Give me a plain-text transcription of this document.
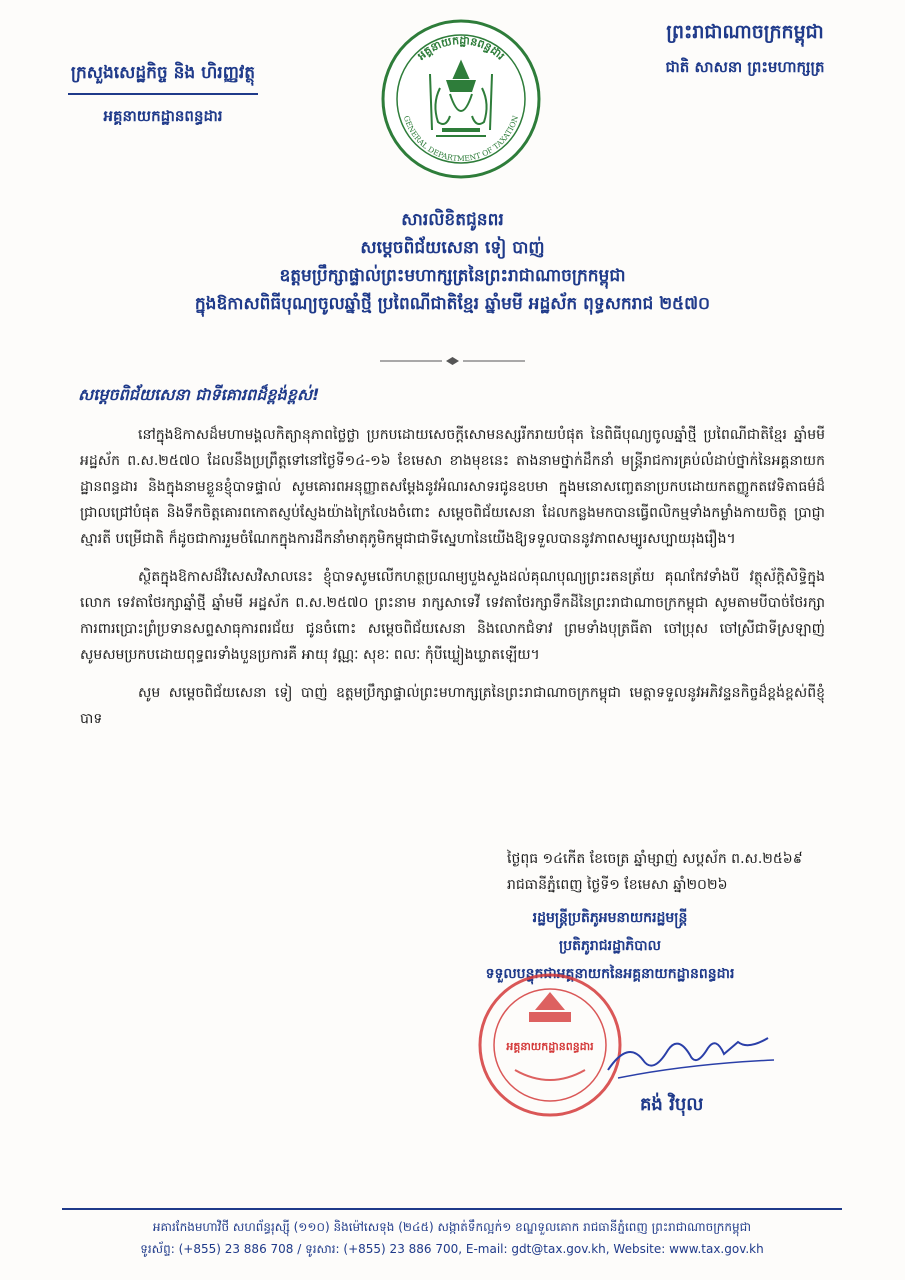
ក្រសួងសេដ្ឋកិច្ច និង ហិរញ្ញវត្ថុ
អគ្គនាយកដ្ឋានពន្ធដារ
អគ្គនាយកដ្ឋានពន្ធដារ
GENERAL DEPARTMENT OF TAXATION
ព្រះរាជាណាចក្រកម្ពុជា
ជាតិ សាសនា ព្រះមហាក្សត្រ
សារលិខិតជូនពរ
សម្តេចពិជ័យសេនា ទៀ បាញ់
ឧត្តមប្រឹក្សាផ្ទាល់ព្រះមហាក្សត្រនៃព្រះរាជាណាចក្រកម្ពុជា
ក្នុងឱកាសពិធីបុណ្យចូលឆ្នាំថ្មី ប្រពៃណីជាតិខ្មែរ ឆ្នាំមមី អដ្ឋស័ក ពុទ្ធសករាជ ២៥៧០
សម្តេចពិជ័យសេនា ជាទីគោរពដ៏ខ្ពង់ខ្ពស់!

នៅក្នុងឱកាសដ៏មហាមង្គលកិត្យានុភាពថ្លៃថ្លា ប្រកបដោយសេចក្តីសោមនស្សរីករាយបំផុត នៃពិធីបុណ្យចូលឆ្នាំថ្មី ប្រពៃណីជាតិខ្មែរ ឆ្នាំមមី អដ្ឋស័ក ព.ស.២៥៧០ ដែលនឹងប្រព្រឹត្តទៅនៅថ្ងៃទី១៤-១៦ ខែមេសា ខាងមុខនេះ តាងនាមថ្នាក់ដឹកនាំ មន្ត្រីរាជការគ្រប់លំដាប់ថ្នាក់នៃអគ្គនាយកដ្ឋានពន្ធដារ និងក្នុងនាមខ្លួនខ្ញុំបាទផ្ទាល់ សូមគោរពអនុញ្ញាតសម្តែងនូវអំណរសាទរជូនឧបមា ក្នុងមនោសញ្ចេតនាប្រកបដោយកតញ្ញូកតវេទិតាធម៌ដ៏ជ្រាលជ្រៅបំផុត និងទឹកចិត្តគោរពកោតស្ញប់ស្ញែងយ៉ាងក្រៃលែងចំពោះ សម្តេចពិជ័យសេនា ដែលកន្លងមកបានធ្វើពលិកម្មទាំងកម្លាំងកាយចិត្ត ប្រាជ្ញា ស្មារតី បម្រើជាតិ ក៏ដូចជាការរួមចំណែកក្នុងការដឹកនាំមាតុភូមិកម្ពុជាជាទីស្នេហានៃយើងឱ្យទទួលបាននូវភាពសម្បូរសប្បាយរុងរឿង។

ស្ថិតក្នុងឱកាសដ៏វិសេសវិសាលនេះ ខ្ញុំបាទសូមលើកហត្ថប្រណម្យបួងសួងដល់គុណបុណ្យព្រះរតនត្រ័យ គុណកែវទាំងបី វត្ថុស័ក្តិសិទ្ធិក្នុងលោក ទេវតាថែរក្សាឆ្នាំថ្មី ឆ្នាំមមី អដ្ឋស័ក ព.ស.២៥៧០ ព្រះនាម រាក្សសាទេវី ទេវតាថែរក្សាទឹកដីនៃព្រះរាជាណាចក្រកម្ពុជា សូមតាមបីបាច់ថែរក្សាការពារប្រោះព្រំប្រទានសព្ទសាធុការពរជ័យ ជូនចំពោះ សម្តេចពិជ័យសេនា និងលោកជំទាវ ព្រមទាំងបុត្រធីតា ចៅប្រុស ចៅស្រីជាទីស្រឡាញ់ សូមសមប្រកបដោយពុទ្ធពរទាំងបួនប្រការគឺ អាយុ វណ្ណៈ សុខៈ ពលៈ កុំបីឃ្លៀងឃ្លាតឡើយ។

សូម សម្តេចពិជ័យសេនា ទៀ បាញ់ ឧត្តមប្រឹក្សាផ្ទាល់ព្រះមហាក្សត្រនៃព្រះរាជាណាចក្រកម្ពុជា មេត្តាទទួលនូវអភិវន្ទនកិច្ចដ៏ខ្ពង់ខ្ពស់ពីខ្ញុំបាទ

ថ្ងៃពុធ ១៤កើត ខែចេត្រ ឆ្នាំម្សាញ់ សប្តស័ក ព.ស.២៥៦៩
រាជធានីភ្នំពេញ ថ្ងៃទី១ ខែមេសា ឆ្នាំ២០២៦
រដ្ឋមន្ត្រីប្រតិភូអមនាយករដ្ឋមន្ត្រី
ប្រតិភូរាជរដ្ឋាភិបាល
ទទួលបន្ទុកជាអគ្គនាយកនៃអគ្គនាយកដ្ឋានពន្ធដារ
អគ្គនាយកដ្ឋានពន្ធដារ
គង់ វិបុល
អគារកែងមហាវិថី សហព័ន្ធរុស្ស៊ី (១១០) និងម៉ៅសេទុង (២៤៥) សង្កាត់ទឹកល្អក់១ ខណ្ឌទួលគោក រាជធានីភ្នំពេញ ព្រះរាជាណាចក្រកម្ពុជា
ទូរស័ព្ទ: (+855) 23 886 708 / ទូរសារ: (+855) 23 886 700, E-mail: gdt@tax.gov.kh, Website: www.tax.gov.kh
